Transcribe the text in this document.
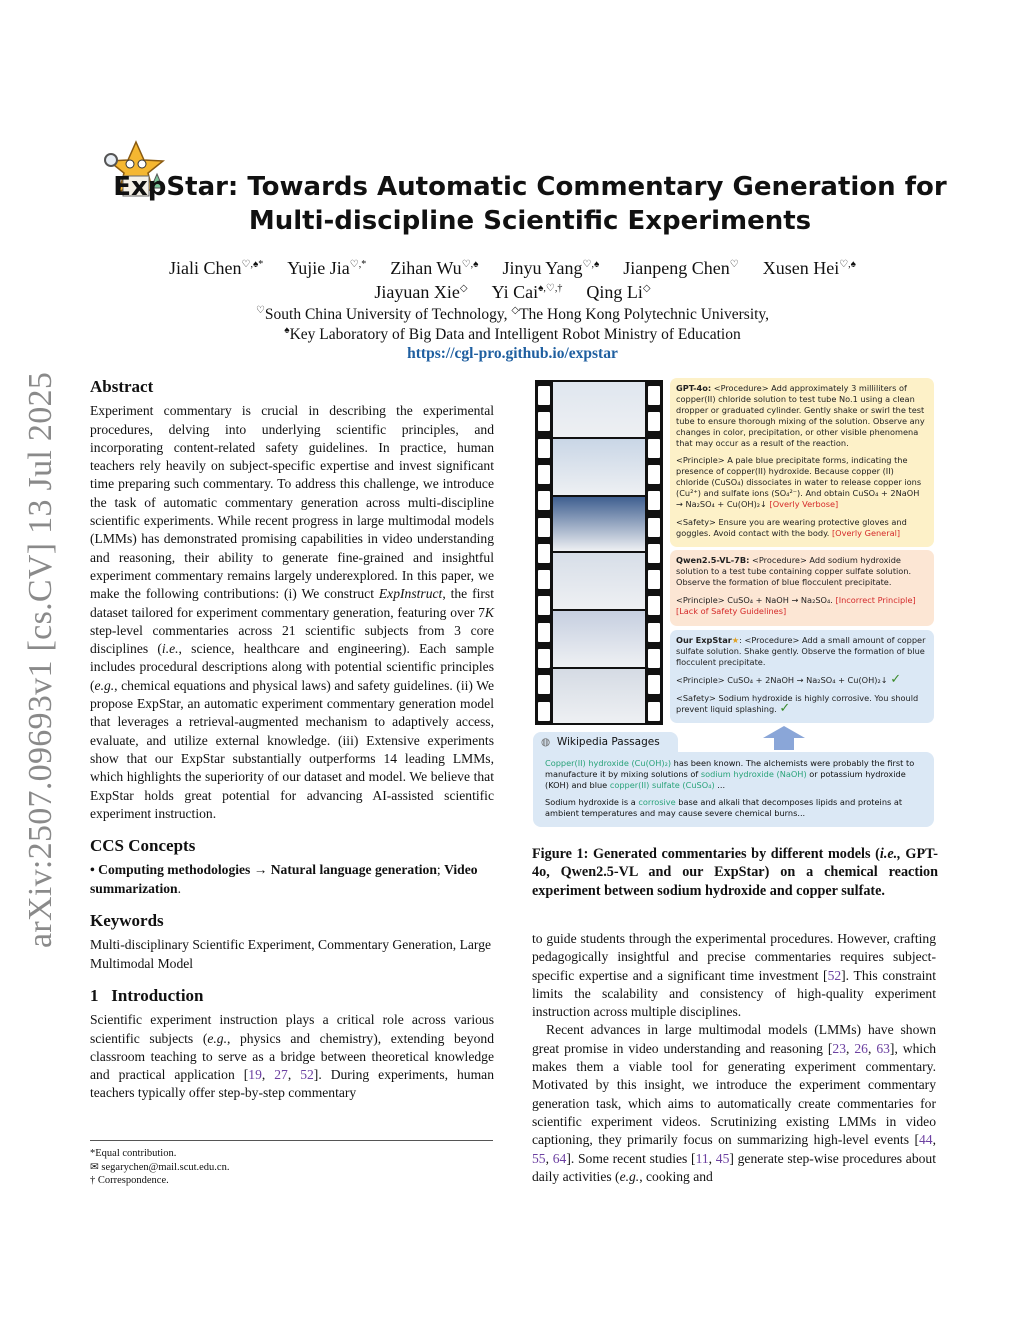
arXiv:2507.09693v1 [cs.CV] 13 Jul 2025
ExpStar: Towards Automatic Commentary Generation for
Multi-discipline Scientific Experiments
Jiali Chen♡,♠* Yujie Jia♡,* Zihan Wu♡,♠ Jinyu Yang♡,♠ Jianpeng Chen♡ Xusen Hei♡,♠
Jiayuan Xie◇ Yi Cai♠,♡,† Qing Li◇
♡South China University of Technology, ◇The Hong Kong Polytechnic University,
♠Key Laboratory of Big Data and Intelligent Robot Ministry of Education
https://cgl-pro.github.io/expstar
Abstract

Experiment commentary is crucial in describing the experimental procedures, delving into underlying scientific principles, and incorporating content-related safety guidelines. In practice, human teachers rely heavily on subject-specific expertise and invest significant time preparing such commentary. To address this challenge, we introduce the task of automatic commentary generation across multi-discipline scientific experiments. While recent progress in large multimodal models (LMMs) has demonstrated promising capabilities in video understanding and reasoning, their ability to generate fine-grained and insightful experiment commentary remains largely underexplored. In this paper, we make the following contributions: (i) We construct ExpInstruct, the first dataset tailored for experiment commentary generation, featuring over 7K step-level commentaries across 21 scientific subjects from 3 core disciplines (i.e., science, healthcare and engineering). Each sample includes procedural descriptions along with potential scientific principles (e.g., chemical equations and physical laws) and safety guidelines. (ii) We propose ExpStar, an automatic experiment commentary generation model that leverages a retrieval-augmented mechanism to adaptively access, evaluate, and utilize external knowledge. (iii) Extensive experiments show that our ExpStar substantially outperforms 14 leading LMMs, which highlights the superiority of our dataset and model. We believe that ExpStar holds great potential for advancing AI-assisted scientific experiment instruction.

CCS Concepts

• Computing methodologies → Natural language generation; Video summarization.

Keywords

Multi-disciplinary Scientific Experiment, Commentary Generation, Large Multimodal Model

1 Introduction

Scientific experiment instruction plays a critical role across various scientific subjects (e.g., physics and chemistry), extending beyond classroom teaching to serve as a bridge between theoretical knowledge and practical application [19, 27, 52]. During experiments, human teachers typically offer step-by-step commentary

*Equal contribution.
✉ segarychen@mail.scut.edu.cn.
† Correspondence.

GPT-4o: <Procedure> Add approximately 3 milliliters of copper(II) chloride solution to test tube No.1 using a clean dropper or graduated cylinder. Gently shake or swirl the test tube to ensure thorough mixing of the solution. Observe any changes in color, precipitation, or other visible phenomena that may occur as a result of the reaction.

<Principle> A pale blue precipitate forms, indicating the presence of copper(II) hydroxide. Because copper (II) chloride (CuSO₄) dissociates in water to release copper ions (Cu²⁺) and sulfate ions (SO₄²⁻). And obtain CuSO₄ + 2NaOH → Na₂SO₄ + Cu(OH)₂↓ [Overly Verbose]

<Safety> Ensure you are wearing protective gloves and goggles. Avoid contact with the body. [Overly General]

Qwen2.5-VL-7B: <Procedure> Add sodium hydroxide solution to a test tube containing copper sulfate solution. Observe the formation of blue flocculent precipitate.

<Principle> CuSO₄ + NaOH → Na₂SO₄. [Incorrect Principle] [Lack of Safety Guidelines]

Our ExpStar★: <Procedure> Add a small amount of copper sulfate solution. Shake gently. Observe the formation of blue flocculent precipitate.

<Principle> CuSO₄ + 2NaOH → Na₂SO₄ + Cu(OH)₂↓ ✓

<Safety> Sodium hydroxide is highly corrosive. You should prevent liquid splashing. ✓

◍ Wikipedia Passages

Copper(II) hydroxide (Cu(OH)₂) has been known. The alchemists were probably the first to manufacture it by mixing solutions of sodium hydroxide (NaOH) or potassium hydroxide (KOH) and blue copper(II) sulfate (CuSO₄) ...

Sodium hydroxide is a corrosive base and alkali that decomposes lipids and proteins at ambient temperatures and may cause severe chemical burns...

Figure 1: Generated commentaries by different models (i.e., GPT-4o, Qwen2.5-VL and our ExpStar) on a chemical reaction experiment between sodium hydroxide and copper sulfate.

to guide students through the experimental procedures. However, crafting pedagogically insightful and precise commentaries requires subject-specific expertise and a significant time investment [52]. This constraint limits the scalability and consistency of high-quality experiment instruction across multiple disciplines.

Recent advances in large multimodal models (LMMs) have shown great promise in video understanding and reasoning [23, 26, 63], which makes them a viable tool for generating experiment commentary. Motivated by this insight, we introduce the experiment commentary generation task, which aims to automatically create commentaries for scientific experiment videos. Scrutinizing existing LMMs in video captioning, they primarily focus on summarizing high-level events [44, 55, 64]. Some recent studies [11, 45] generate step-wise procedures about daily activities (e.g., cooking and
